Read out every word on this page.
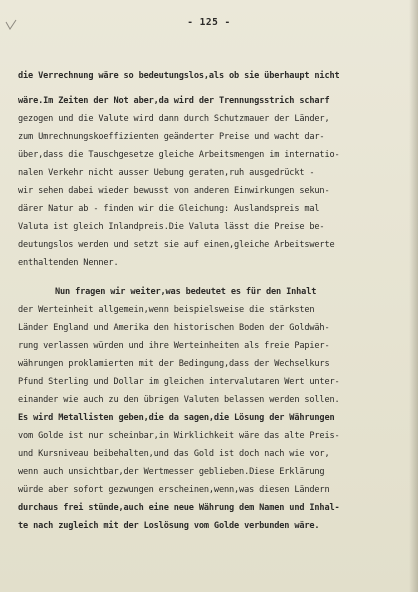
- 125 -
die Verrechnung wäre so bedeutungslos,als ob sie überhaupt nicht
wäre.Im Zeiten der Not aber,da wird der Trennungsstrich scharf
gezogen und die Valute wird dann durch Schutzmauer der Länder,
zum Umrechnungskoeffizienten geänderter Preise und wacht dar-
über,dass die Tauschgesetze gleiche Arbeitsmengen im internatio-
nalen Verkehr nicht ausser Uebung geraten,ruh ausgedrückt -
wir sehen dabei wieder bewusst von anderen Einwirkungen sekun-
därer Natur ab - finden wir die Gleichung: Auslandspreis mal
Valuta ist gleich Inlandpreis.Die Valuta lässt die Preise be-
deutungslos werden und setzt sie auf einen,gleiche Arbeitswerte
enthaltenden Nenner.
Nun fragen wir weiter,was bedeutet es für den Inhalt
der Werteinheit allgemein,wenn beispielsweise die stärksten
Länder England und Amerika den historischen Boden der Goldwäh-
rung verlassen würden und ihre Werteinheiten als freie Papier-
währungen proklamierten mit der Bedingung,dass der Wechselkurs
Pfund Sterling und Dollar im gleichen intervalutaren Wert unter-
einander wie auch zu den übrigen Valuten belassen werden sollen.
Es wird Metallisten geben,die da sagen,die Lösung der Währungen
vom Golde ist nur scheinbar,in Wirklichkeit wäre das alte Preis-
und Kursniveau beibehalten,und das Gold ist doch nach wie vor,
wenn auch unsichtbar,der Wertmesser geblieben.Diese Erklärung
würde aber sofort gezwungen erscheinen,wenn,was diesen Ländern
durchaus frei stünde,auch eine neue Währung dem Namen und Inhal-
te nach zugleich mit der Loslösung vom Golde verbunden wäre.
